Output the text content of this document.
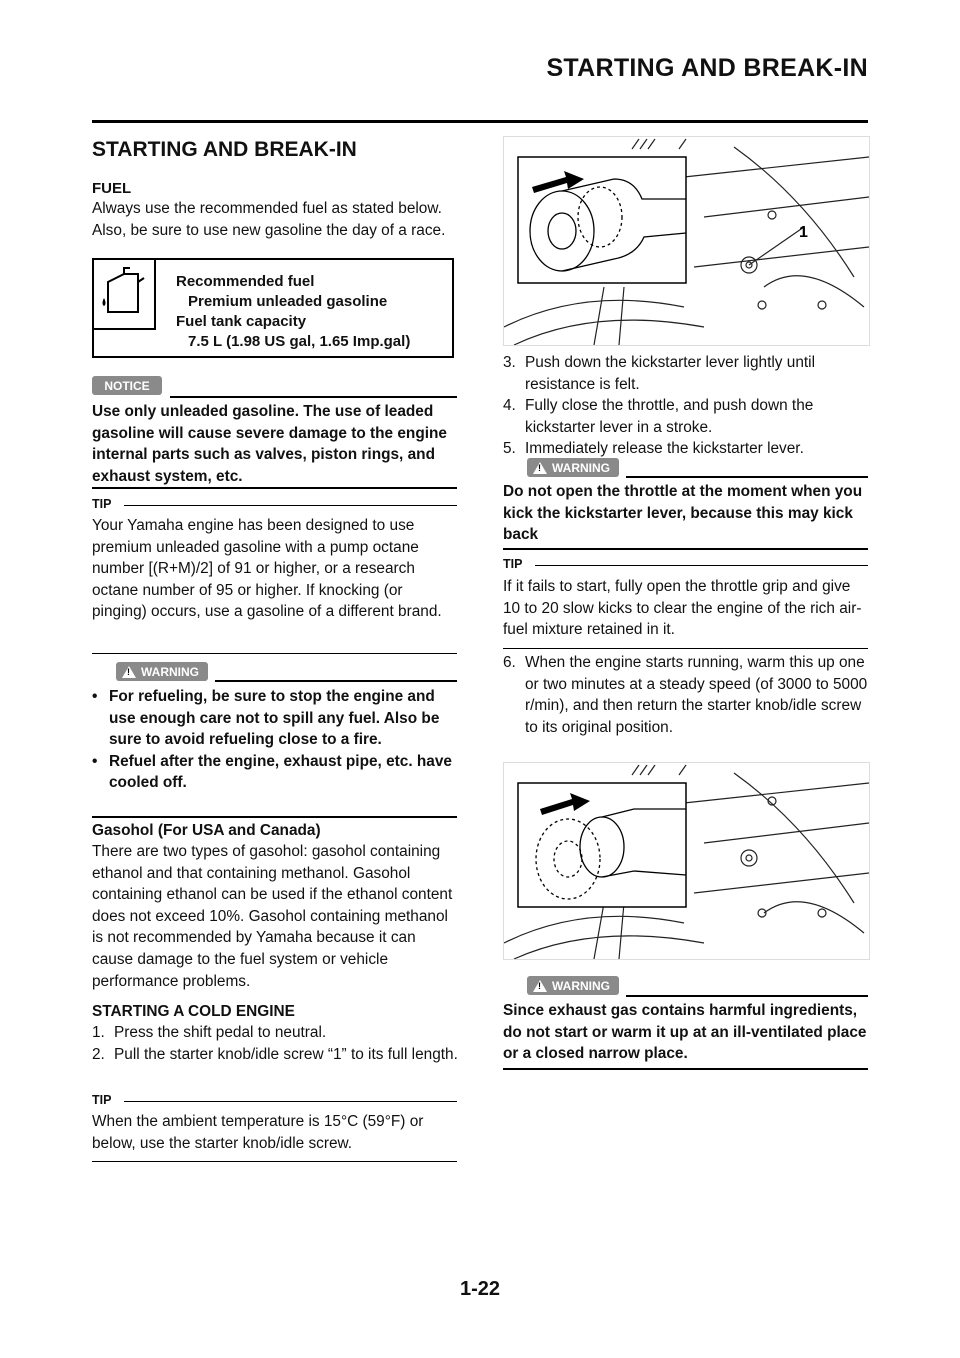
STARTING AND BREAK-IN
STARTING AND BREAK-IN
FUEL
Always use the recommended fuel as stated below. Also, be sure to use new gasoline the day of a race.
Recommended fuel
Premium unleaded gasoline
Fuel tank capacity
7.5 L (1.98 US gal, 1.65 Imp.gal)
NOTICE
Use only unleaded gasoline. The use of leaded gasoline will cause severe damage to the engine internal parts such as valves, piston rings, and exhaust system, etc.
TIP
Your Yamaha engine has been designed to use premium unleaded gasoline with a pump octane number [(R+M)/2] of 91 or higher, or a research octane number of 95 or higher. If knocking (or pinging) occurs, use a gasoline of a different brand.
! WARNING
• For refueling, be sure to stop the engine and use enough care not to spill any fuel. Also be sure to avoid refueling close to a fire.
• Refuel after the engine, exhaust pipe, etc. have cooled off.
Gasohol (For USA and Canada)
There are two types of gasohol: gasohol containing ethanol and that containing methanol. Gasohol containing ethanol can be used if the ethanol content does not exceed 10%. Gasohol containing methanol is not recommended by Yamaha because it can cause damage to the fuel system or vehicle performance problems.
STARTING A COLD ENGINE
1. Press the shift pedal to neutral.
2. Pull the starter knob/idle screw “1” to its full length.
TIP
When the ambient temperature is 15°C (59°F) or below, use the starter knob/idle screw.
1
3. Push down the kickstarter lever lightly until resistance is felt.
4. Fully close the throttle, and push down the kickstarter lever in a stroke.
5. Immediately release the kickstarter lever.
! WARNING
Do not open the throttle at the moment when you kick the kickstarter lever, because this may kick back
TIP
If it fails to start, fully open the throttle grip and give 10 to 20 slow kicks to clear the engine of the rich air-fuel mixture retained in it.
6. When the engine starts running, warm this up one or two minutes at a steady speed (of 3000 to 5000 r/min), and then return the starter knob/idle screw to its original position.
! WARNING
Since exhaust gas contains harmful ingredients, do not start or warm it up at an ill-ventilated place or a closed narrow place.
1-22
